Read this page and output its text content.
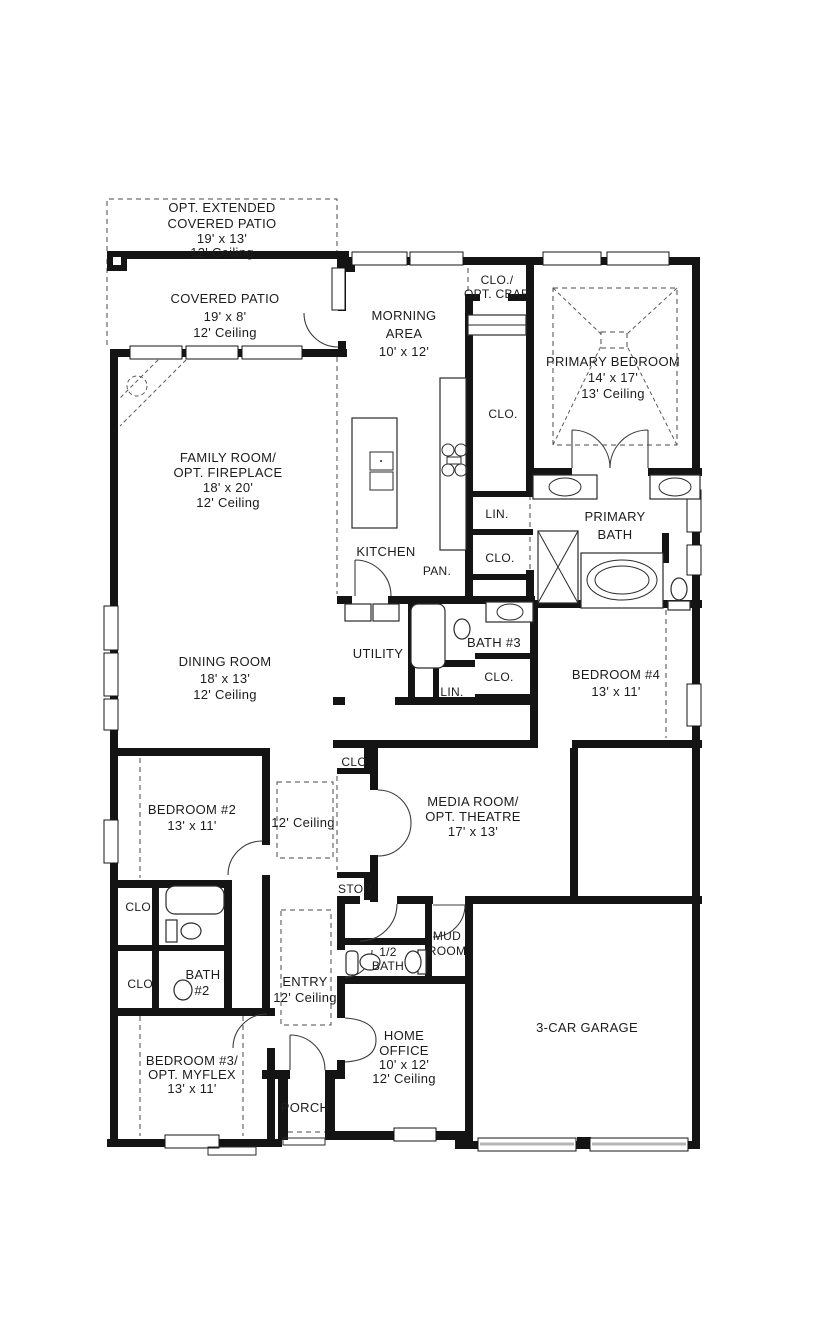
OPT. EXTENDED
COVERED PATIO
19' x 13'
12' Ceiling
COVERED PATIO
19' x 8'
12' Ceiling
MORNING
AREA
10' x 12'
CLO./
OPT. CBAR
PRIMARY BEDROOM
14' x 17'
13' Ceiling
FAMILY ROOM/
OPT. FIREPLACE
18' x 20'
12' Ceiling
CLO.
KITCHEN
PAN.
LIN.	PRIMARY
BATH
CLO.
DINING ROOM
18' x 13'
12' Ceiling
UTILITY
BATH #3
LIN.
CLO.	BEDROOM #4
13' x 11'
CLO.
BEDROOM #2
13' x 11'	12' Ceiling
MEDIA ROOM/
OPT. THEATRE
17' x 13'
STOR.
CLO.
CLO.
BATH
#2
ENTRY
12' Ceiling
1/2
BATH
MUD
ROOM
HOME
OFFICE
10' x 12'
12' Ceiling
3-CAR GARAGE
BEDROOM #3/
OPT. MYFLEX
13' x 11'
PORCH
